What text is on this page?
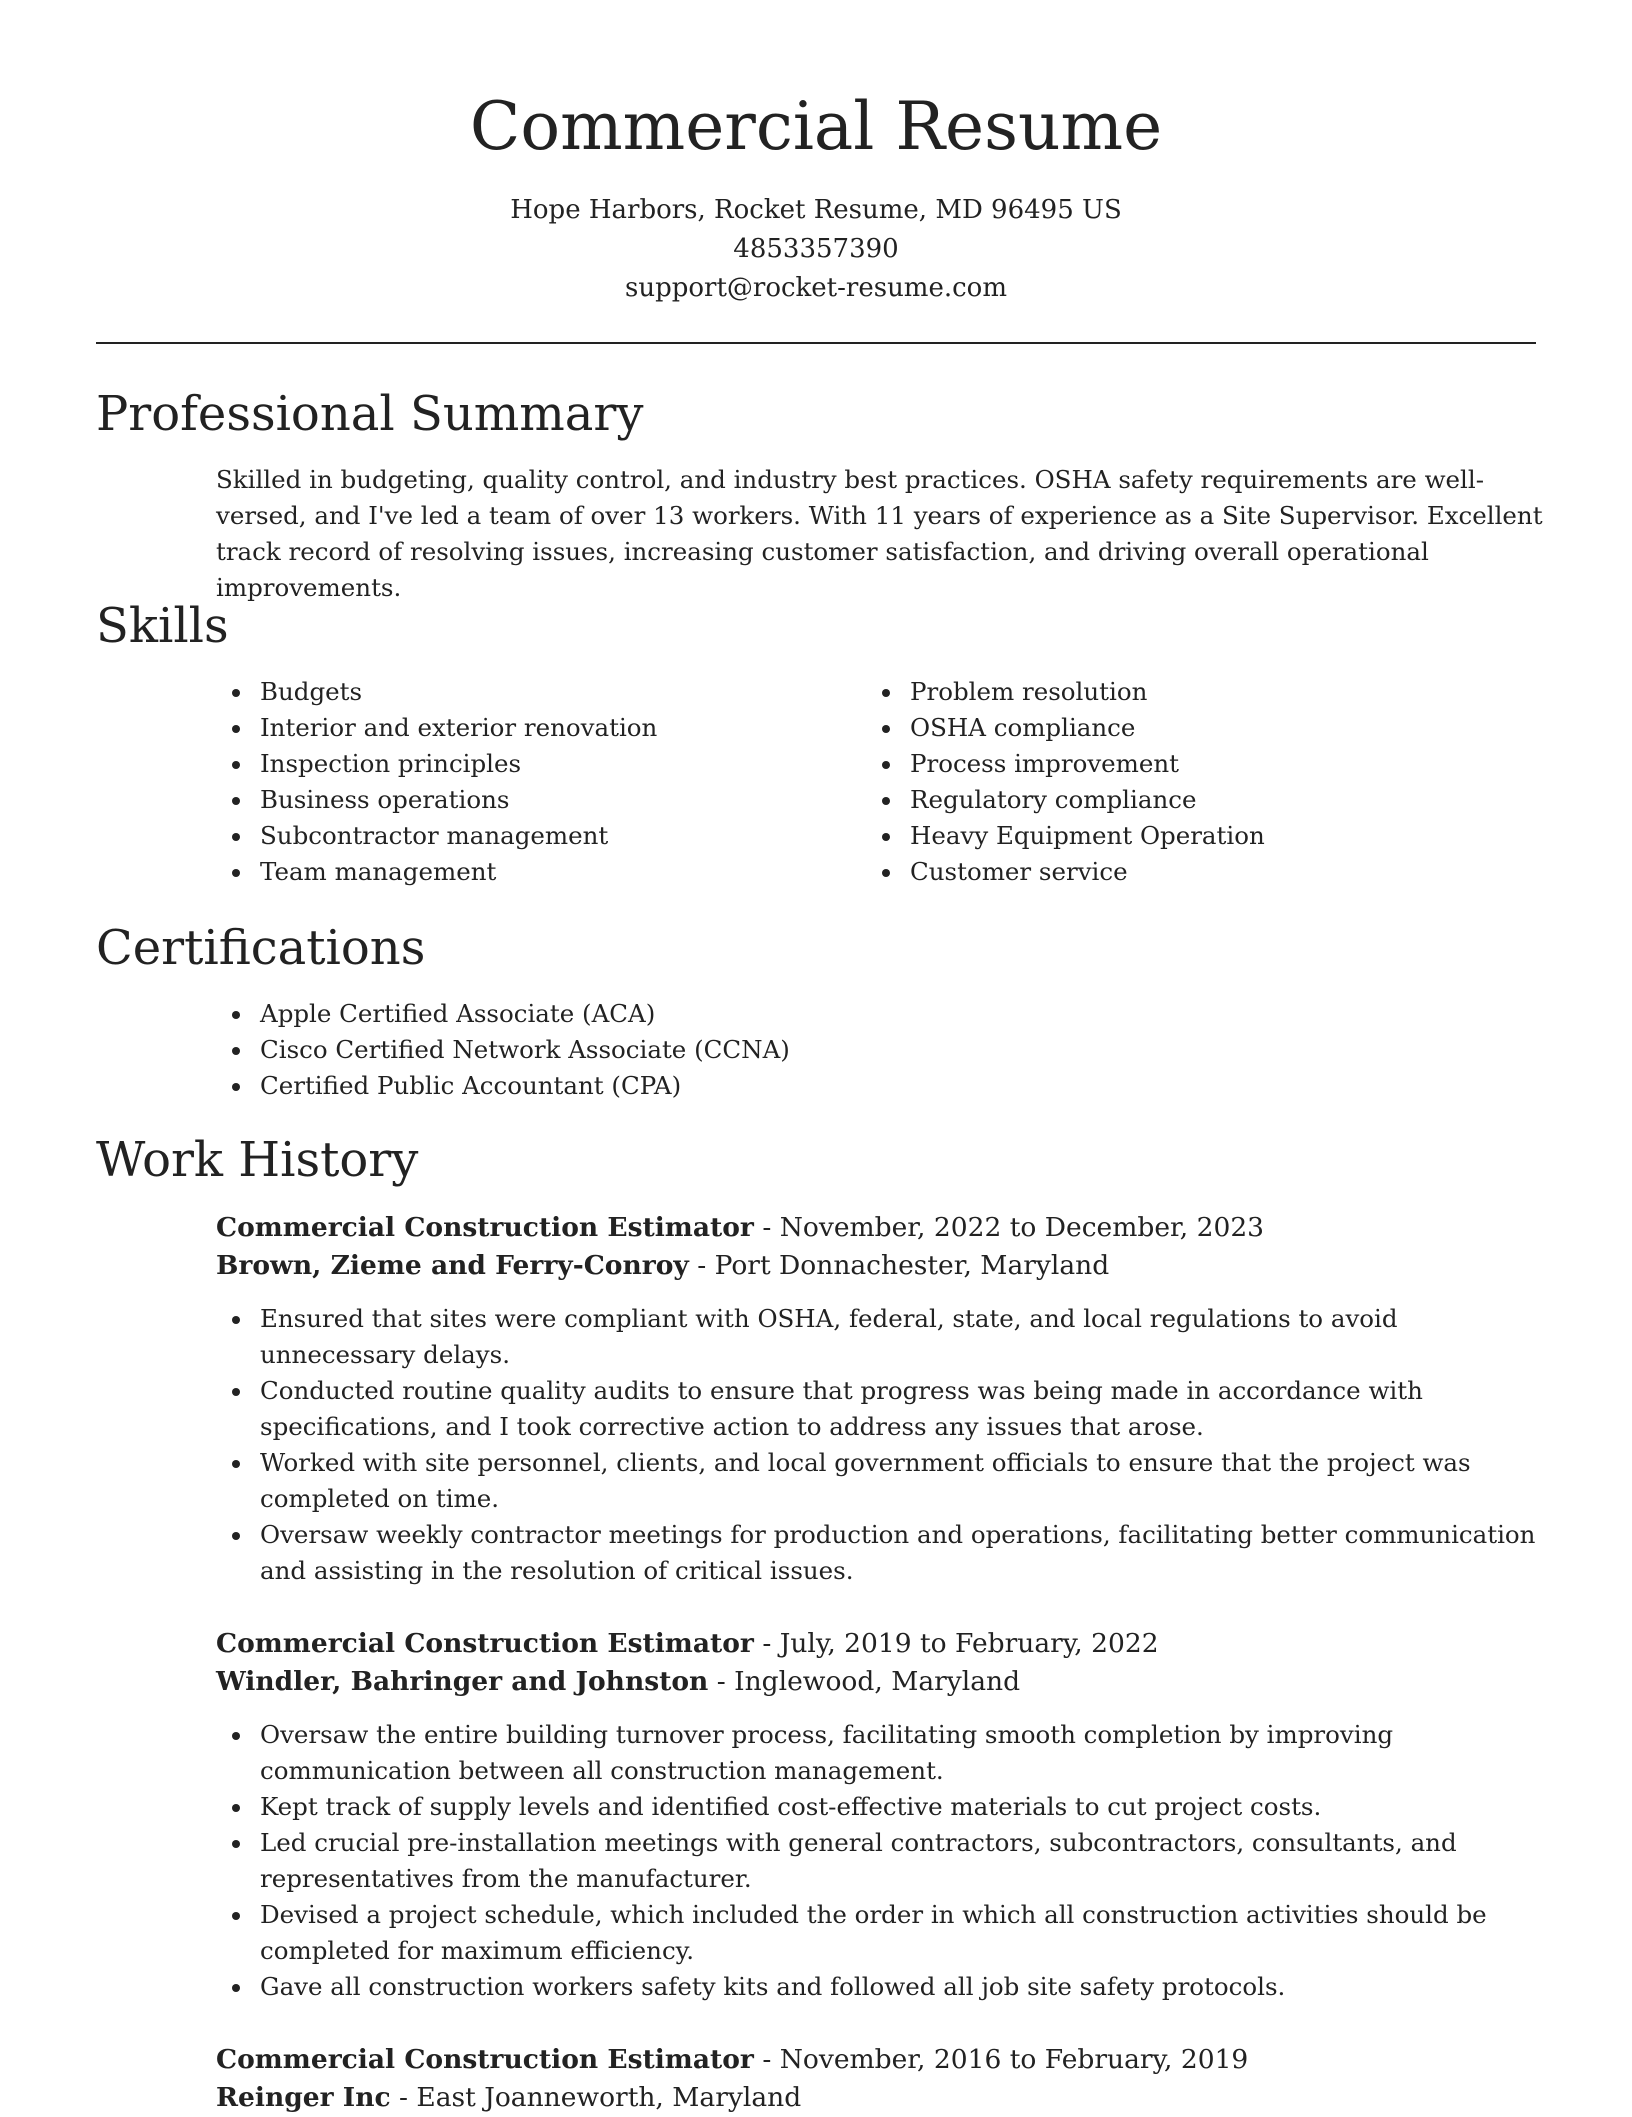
Commercial Resume
Hope Harbors, Rocket Resume, MD 96495 US
4853357390
support@rocket-resume.com
Professional Summary

Skilled in budgeting, quality control, and industry best practices. OSHA safety requirements are well-versed, and I've led a team of over 13 workers. With 11 years of experience as a Site Supervisor. Excellent track record of resolving issues, increasing customer satisfaction, and driving overall operational improvements.

Skills
Budgets
Interior and exterior renovation
Inspection principles
Business operations
Subcontractor management
Team management
Problem resolution
OSHA compliance
Process improvement
Regulatory compliance
Heavy Equipment Operation
Customer service
Certifications
Apple Certified Associate (ACA)
Cisco Certified Network Associate (CCNA)
Certified Public Accountant (CPA)
Work History
Commercial Construction Estimator - November, 2022 to December, 2023
Brown, Zieme and Ferry-Conroy - Port Donnachester, Maryland
Ensured that sites were compliant with OSHA, federal, state, and local regulations to avoid unnecessary delays.
Conducted routine quality audits to ensure that progress was being made in accordance with specifications, and I took corrective action to address any issues that arose.
Worked with site personnel, clients, and local government officials to ensure that the project was completed on time.
Oversaw weekly contractor meetings for production and operations, facilitating better communication and assisting in the resolution of critical issues.
Commercial Construction Estimator - July, 2019 to February, 2022
Windler, Bahringer and Johnston - Inglewood, Maryland
Oversaw the entire building turnover process, facilitating smooth completion by improving communication between all construction management.
Kept track of supply levels and identified cost-effective materials to cut project costs.
Led crucial pre-installation meetings with general contractors, subcontractors, consultants, and representatives from the manufacturer.
Devised a project schedule, which included the order in which all construction activities should be completed for maximum efficiency.
Gave all construction workers safety kits and followed all job site safety protocols.
Commercial Construction Estimator - November, 2016 to February, 2019
Reinger Inc - East Joanneworth, Maryland
